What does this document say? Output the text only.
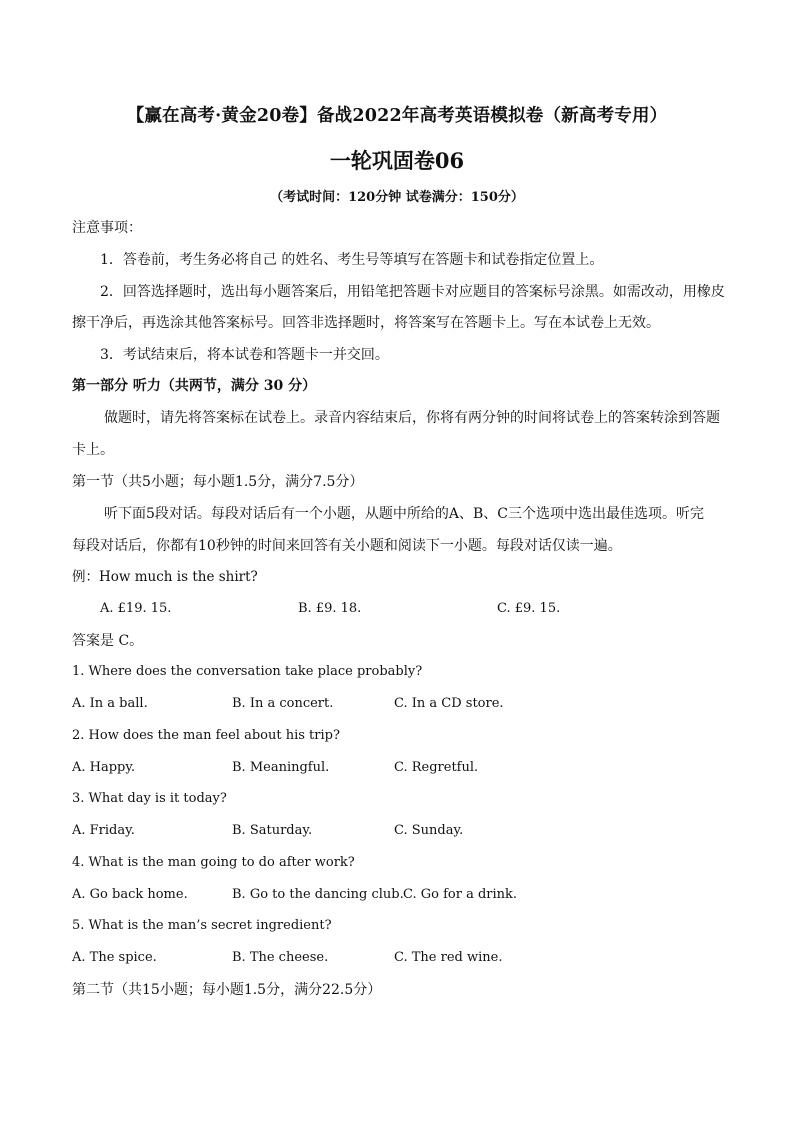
【赢在高考·黄金20卷】备战2022年高考英语模拟卷（新高考专用）
一轮巩固卷06
（考试时间：120分钟 试卷满分：150分）
注意事项：
1．答卷前，考生务必将自己 的姓名、考生号等填写在答题卡和试卷指定位置上。
2．回答选择题时，选出每小题答案后，用铅笔把答题卡对应题目的答案标号涂黑。如需改动，用橡皮
擦干净后，再选涂其他答案标号。回答非选择题时，将答案写在答题卡上。写在本试卷上无效。
3．考试结束后，将本试卷和答题卡一并交回。
第一部分 听力（共两节，满分 30 分）
做题时，请先将答案标在试卷上。录音内容结束后，你将有两分钟的时间将试卷上的答案转涂到答题
卡上。
第一节（共5小题；每小题1.5分，满分7.5分）
听下面5段对话。每段对话后有一个小题，从题中所给的A、B、C三个选项中选出最佳选项。听完
每段对话后，你都有10秒钟的时间来回答有关小题和阅读下一小题。每段对话仅读一遍。
例：How much is the shirt?
A. £19. 15.	B. £9. 18.	C. £9. 15.
答案是 C。
1. Where does the conversation take place probably?
A. In a ball.	B. In a concert.	C. In a CD store.
2. How does the man feel about his trip?
A. Happy.	B. Meaningful.	C. Regretful.
3. What day is it today?
A. Friday.	B. Saturday.	C. Sunday.
4. What is the man going to do after work?
A. Go back home.	B. Go to the dancing club. C. Go for a drink.
5. What is the man’s secret ingredient?
A. The spice.	B. The cheese.	C. The red wine.
第二节（共15小题；每小题1.5分，满分22.5分）
